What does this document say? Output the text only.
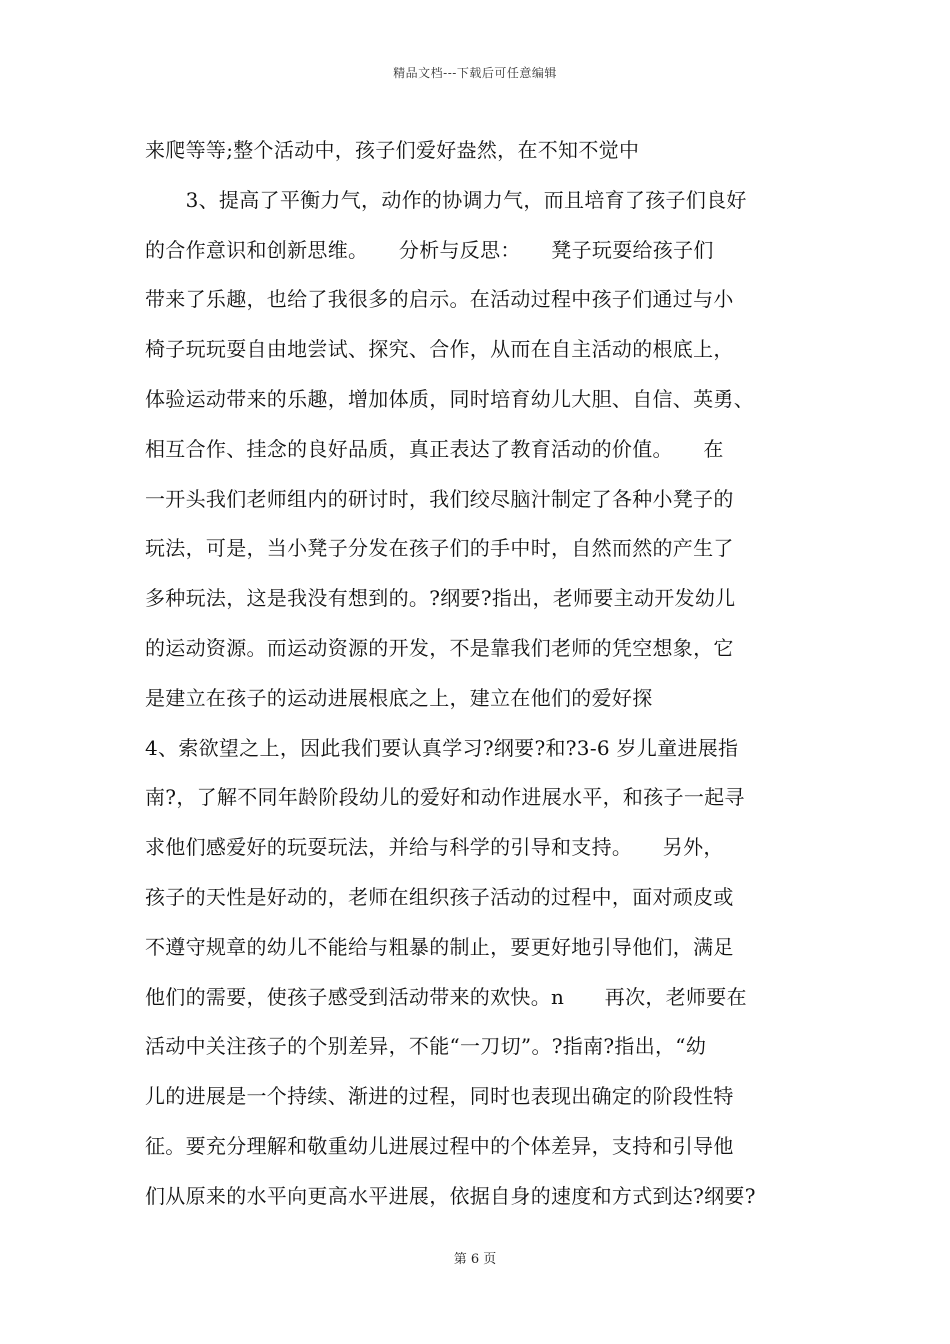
精品文档---下载后可任意编辑
来爬等等;整个活动中，孩子们爱好盎然，在不知不觉中
　　3、提高了平衡力气，动作的协调力气，而且培育了孩子们良好
的合作意识和创新思维。　　分析与反思：　　凳子玩耍给孩子们
带来了乐趣，也给了我很多的启示。在活动过程中孩子们通过与小
椅子玩玩耍自由地尝试、探究、合作，从而在自主活动的根底上，
体验运动带来的乐趣，增加体质，同时培育幼儿大胆、自信、英勇、
相互合作、挂念的良好品质，真正表达了教育活动的价值。　　在
一开头我们老师组内的研讨时，我们绞尽脑汁制定了各种小凳子的
玩法，可是，当小凳子分发在孩子们的手中时，自然而然的产生了
多种玩法，这是我没有想到的。?纲要?指出，老师要主动开发幼儿
的运动资源。而运动资源的开发，不是靠我们老师的凭空想象，它
是建立在孩子的运动进展根底之上，建立在他们的爱好探
4、索欲望之上，因此我们要认真学习?纲要?和?3-6 岁儿童进展指
南?，了解不同年龄阶段幼儿的爱好和动作进展水平，和孩子一起寻
求他们感爱好的玩耍玩法，并给与科学的引导和支持。　　另外，
孩子的天性是好动的，老师在组织孩子活动的过程中，面对顽皮或
不遵守规章的幼儿不能给与粗暴的制止，要更好地引导他们，满足
他们的需要，使孩子感受到活动带来的欢快。n　　再次，老师要在
活动中关注孩子的个别差异，不能“一刀切”。?指南?指出，“幼
儿的进展是一个持续、渐进的过程，同时也表现出确定的阶段性特
征。要充分理解和敬重幼儿进展过程中的个体差异，支持和引导他
们从原来的水平向更高水平进展，依据自身的速度和方式到达?纲要?
第 6 页
